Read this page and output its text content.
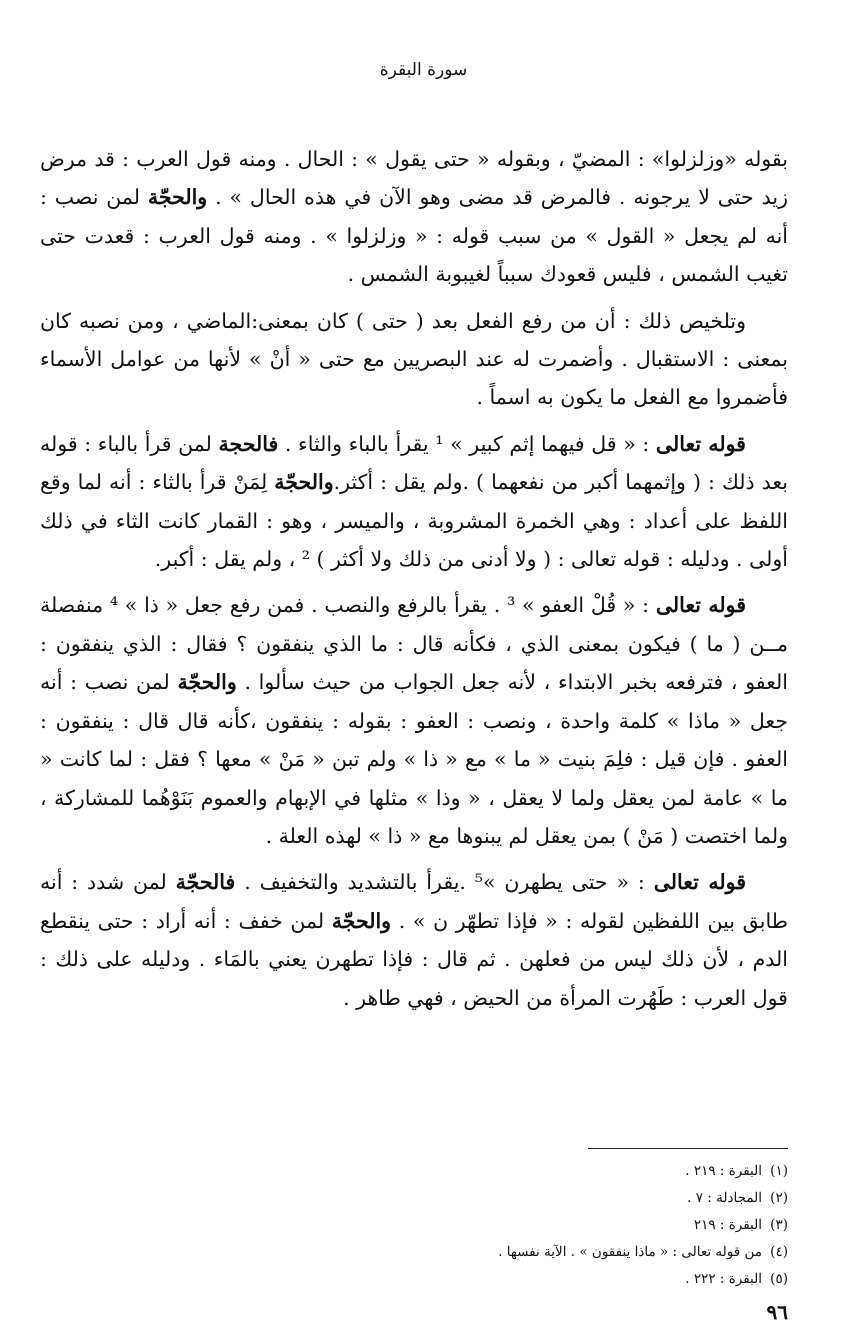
سورة البقرة

بقوله «وزلزلوا» : المضيّ ، وبقوله « حتى يقول » : الحال . ومنه قول العرب : قد مرض زيد حتى لا يرجونه . فالمرض قد مضى وهو الآن في هذه الحال » . والحجّة لمن نصب : أنه لم يجعل « القول » من سبب قوله : « وزلزلوا » . ومنه قول العرب : قعدت حتى تغيب الشمس ، فليس قعودك سبباً لغيبوبة الشمس .

وتلخيص ذلك : أن من رفع الفعل بعد ( حتى ) كان بمعنى:الماضي ، ومن نصبه كان بمعنى : الاستقبال . وأضمرت له عند البصريين مع حتى « أنْ » لأنها من عوامل الأسماء فأضمروا مع الفعل ما يكون به اسماً .

قوله تعالى : « قل فيهما إثم كبير » ¹ يقرأ بالباء والثاء . فالحجة لمن قرأ بالباء : قوله بعد ذلك : ( وإثمهما أكبر من نفعهما ) .ولم يقل : أكثر.والحجّة لِمَنْ قرأ بالثاء : أنه لما وقع اللفظ على أعداد : وهي الخمرة المشروبة ، والميسر ، وهو : القمار كانت الثاء في ذلك أولى . ودليله : قوله تعالى : ( ولا أدنى من ذلك ولا أكثر ) ² ، ولم يقل : أكبر.

قوله تعالى : « قُلْ العفو » ³ . يقرأ بالرفع والنصب . فمن رفع جعل « ذا » ⁴ منفصلة مــن ( ما ) فيكون بمعنى الذي ، فكأنه قال : ما الذي ينفقون ؟ فقال : الذي ينفقون : العفو ، فترفعه بخبر الابتداء ، لأنه جعل الجواب من حيث سألوا . والحجّة لمن نصب : أنه جعل « ماذا » كلمة واحدة ، ونصب : العفو : بقوله : ينفقون ،كأنه قال قال : ينفقون : العفو . فإن قيل : فلِمَ بنيت « ما » مع « ذا » ولم تبن « مَنْ » معها ؟ فقل : لما كانت « ما » عامة لمن يعقل ولما لا يعقل ، « وذا » مثلها في الإبهام والعموم بَنَوْهُما للمشاركة ، ولما اختصت ( مَنْ ) بمن يعقل لم يبنوها مع « ذا » لهذه العلة .

قوله تعالى : « حتى يطهرن »⁵ .يقرأ بالتشديد والتخفيف . فالحجّة لمن شدد : أنه طابق بين اللفظين لقوله : « فإذا تطهّر ن » . والحجّة لمن خفف : أنه أراد : حتى ينقطع الدم ، لأن ذلك ليس من فعلهن . ثم قال : فإذا تطهرن يعني بالمَاء . ودليله على ذلك : قول العرب : طَهُرت المرأة من الحيض ، فهي طاهر .

(١)البقرة : ٢١٩ .

(٢)المجادلة : ٧ .

(٣)البقرة : ٢١٩

(٤)من قوله تعالى : « ماذا ينفقون » . الآية نفسها .

(٥)البقرة : ٢٢٢ .

٩٦
